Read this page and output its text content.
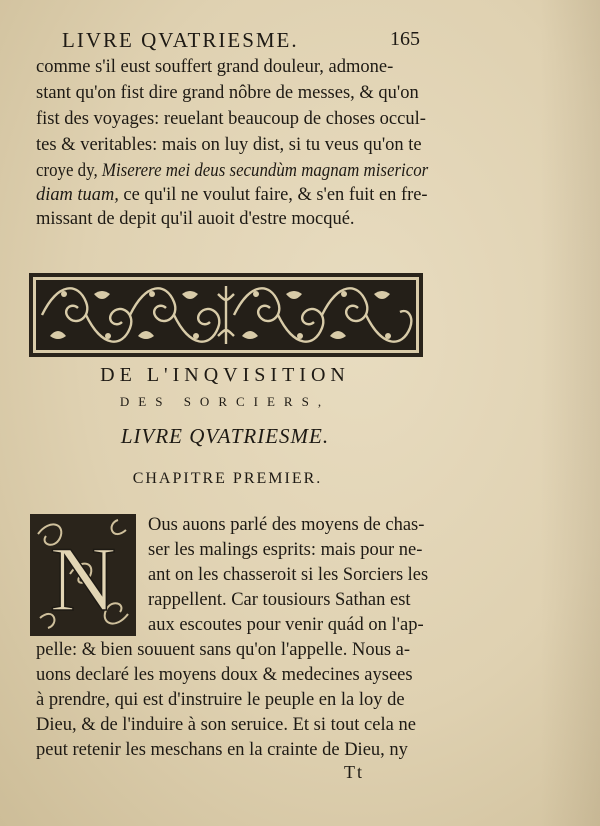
LIVRE QVATRIESME.	165
comme s'il eust souffert grand douleur, admone-
stant qu'on fist dire grand nôbre de messes, & qu'on
fist des voyages: reuelant beaucoup de choses occul-
tes & veritables: mais on luy dist, si tu veus qu'on te
croye dy, Miserere mei deus secundùm magnam misericor
diam tuam, ce qu'il ne voulut faire, & s'en fuit en fre-
missant de depit qu'il auoit d'estre mocqué.
DE L'INQVISITION
DES SORCIERS,
LIVRE QVATRIESME.
CHAPITRE PREMIER.
N
Ous auons parlé des moyens de chas-
ser les malings esprits: mais pour ne-
ant on les chasseroit si les Sorciers les
rappellent. Car tousiours Sathan est
aux escoutes pour venir quád on l'ap-
pelle: & bien souuent sans qu'on l'appelle. Nous a-
uons declaré les moyens doux & medecines aysees
à prendre, qui est d'instruire le peuple en la loy de
Dieu, & de l'induire à son seruice. Et si tout cela ne
peut retenir les meschans en la crainte de Dieu, ny
Tt
